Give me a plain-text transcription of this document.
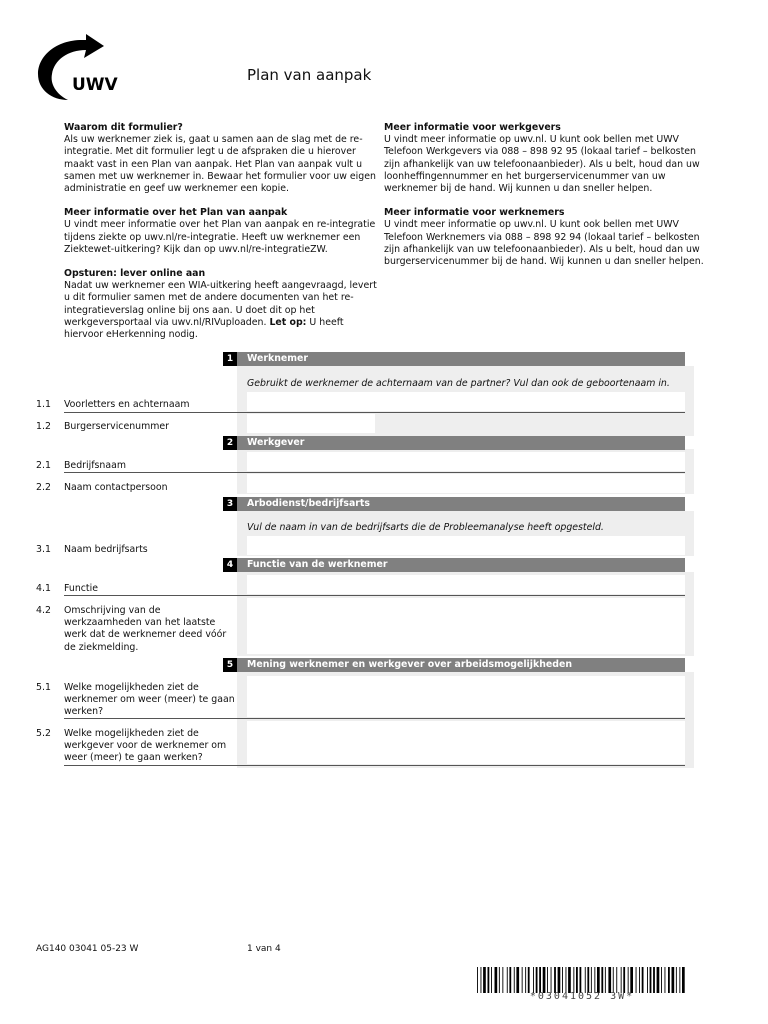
UWV	Plan van aanpak
Waarom dit formulier?
Als uw werknemer ziek is, gaat u samen aan de slag met de re-integratie. Met dit formulier legt u de afspraken die u hierover maakt vast in een Plan van aanpak. Het Plan van aanpak vult u samen met uw werknemer in. Bewaar het formulier voor uw eigen administratie en geef uw werknemer een kopie.
Meer informatie over het Plan van aanpak
U vindt meer informatie over het Plan van aanpak en re-integratie tijdens ziekte op uwv.nl/re-integratie. Heeft uw werknemer een Ziektewet-uitkering? Kijk dan op uwv.nl/re-integratieZW.
Opsturen: lever online aan
Nadat uw werknemer een WIA-uitkering heeft aangevraagd, levert u dit formulier samen met de andere documenten van het re-integratieverslag online bij ons aan. U doet dit op het werkgeversportaal via uwv.nl/RIVuploaden. Let op: U heeft hiervoor eHerkenning nodig.
Meer informatie voor werkgevers
U vindt meer informatie op uwv.nl. U kunt ook bellen met UWV Telefoon Werkgevers via 088 – 898 92 95 (lokaal tarief – belkosten zijn afhankelijk van uw telefoonaanbieder). Als u belt, houd dan uw loonheffingennummer en het burgerservicenummer van uw werknemer bij de hand. Wij kunnen u dan sneller helpen.
Meer informatie voor werknemers
U vindt meer informatie op uwv.nl. U kunt ook bellen met UWV Telefoon Werknemers via 088 – 898 92 94 (lokaal tarief – belkosten zijn afhankelijk van uw telefoonaanbieder). Als u belt, houd dan uw burgerservicenummer bij de hand. Wij kunnen u dan sneller helpen.
1	Werknemer
Gebruikt de werknemer de achternaam van de partner? Vul dan ook de geboortenaam in.
1.1 Voorletters en achternaam
1.2 Burgerservicenummer
2	Werkgever
2.1 Bedrijfsnaam
2.2 Naam contactpersoon
3	Arbodienst/bedrijfsarts
Vul de naam in van de bedrijfsarts die de Probleemanalyse heeft opgesteld.
3.1 Naam bedrijfsarts
4	Functie van de werknemer
4.1 Functie
4.2 Omschrijving van de werkzaamheden van het laatste werk dat de werknemer deed vóór de ziekmelding.
5	Mening werknemer en werkgever over arbeidsmogelijkheden
5.1 Welke mogelijkheden ziet de werknemer om weer (meer) te gaan werken?
5.2 Welke mogelijkheden ziet de werkgever voor de werknemer om weer (meer) te gaan werken?
AG140 03041 05-23 W	1 van 4
*03041052 3W*
